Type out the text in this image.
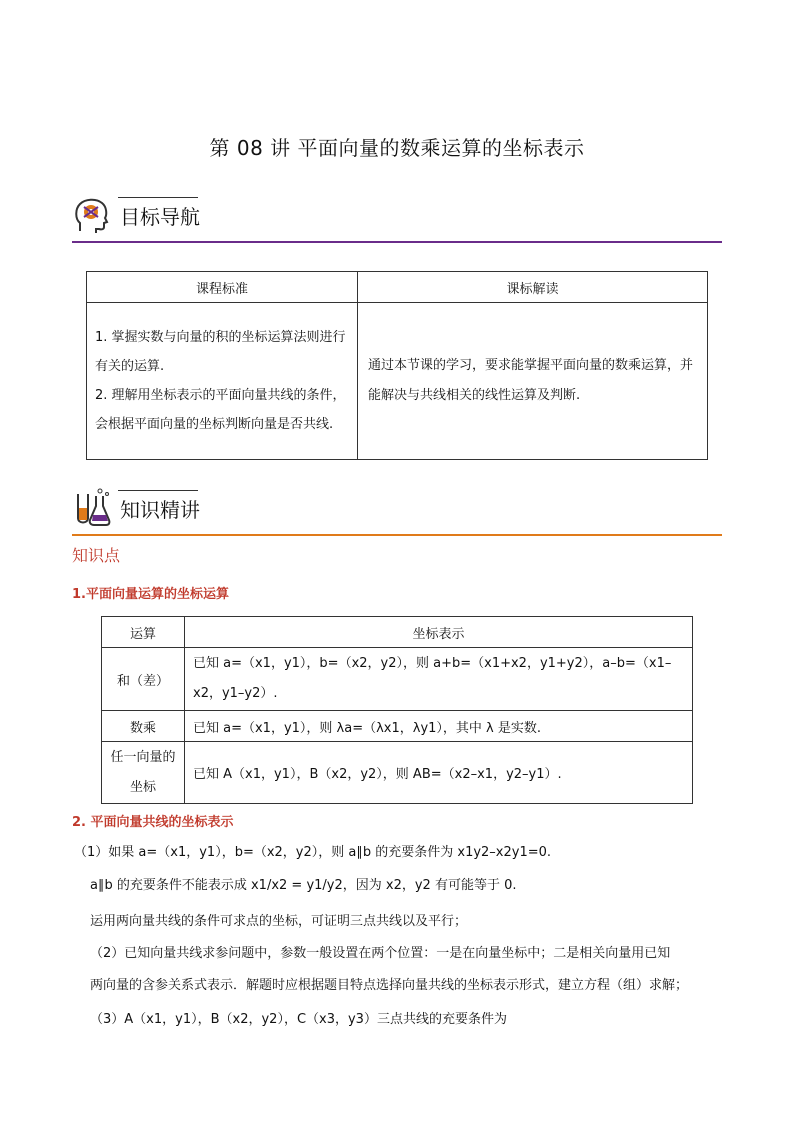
第 08 讲 平面向量的数乘运算的坐标表示
目标导航
课程标准	课标解读

1. 掌握实数与向量的积的坐标运算法则进行有关的运算.
2. 理解用坐标表示的平面向量共线的条件，会根据平面向量的坐标判断向量是否共线.	通过本节课的学习，要求能掌握平面向量的数乘运算，并能解决与共线相关的线性运算及判断.
知识精讲
知识点
1.平面向量运算的坐标运算
运算	坐标表示
和（差）	已知 a=（x1，y1），b=（x2，y2），则 a+b=（x1+x2，y1+y2），a–b=（x1–x2，y1–y2）.
数乘	已知 a=（x1，y1），则 λa=（λx1，λy1），其中 λ 是实数.
任一向量的坐标	已知 A（x1，y1），B（x2，y2），则 AB=（x2–x1，y2–y1）.
2. 平面向量共线的坐标表示
（1）如果 a=（x1，y1），b=（x2，y2），则 a∥b 的充要条件为 x1y2–x2y1=0.
a∥b 的充要条件不能表示成 x1/x2 = y1/y2，因为 x2，y2 有可能等于 0.
运用两向量共线的条件可求点的坐标，可证明三点共线以及平行；
（2）已知向量共线求参问题中，参数一般设置在两个位置：一是在向量坐标中；二是相关向量用已知
两向量的含参关系式表示．解题时应根据题目特点选择向量共线的坐标表示形式，建立方程（组）求解；
（3）A（x1，y1），B（x2，y2），C（x3，y3）三点共线的充要条件为
